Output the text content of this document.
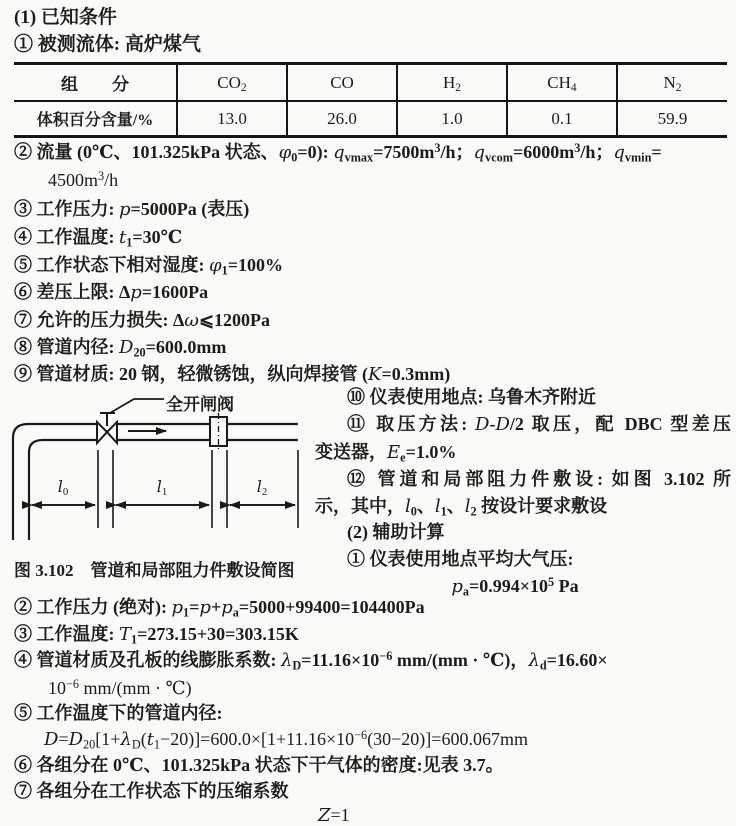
(1) 已知条件
① 被测流体: 高炉煤气
组　　分	$CO_2$	CO	$H_2$	$CH_4$	$N_2$
体积百分含量/%	13.0	26.0	1.0	0.1	59.9
② 流量 (0℃、101.325kPa 状态、$\varphi_0=0$): $q_{vmax}=7500m^3/h$；$q_{vcom}=6000m^3/h$；$q_{vmin}=$
$4500m^3/h$
③ 工作压力: p=5000Pa (表压)
④ 工作温度: $t_1=30℃$
⑤ 工作状态下相对湿度: $\varphi_1=100\%$
⑥ 差压上限: Δp=1600Pa
⑦ 允许的压力损失: Δω⩽1200Pa
⑧ 管道内径: $D_{20}=600.0mm$
⑨ 管道材质: 20 钢，轻微锈蚀，纵向焊接管 (K=0.3mm)
全开闸阀
$l_0$	$l_1$	$l_2$
图 3.102　管道和局部阻力件敷设简图
⑩ 仪表使用地点: 乌鲁木齐附近
⑪ 取压方法: D-D/2 取压，配 DBC 型差压
变送器，$E_e=1.0\%$
⑫ 管道和局部阻力件敷设: 如图 3.102 所
示，其中，$l_0$、$l_1$、$l_2$ 按设计要求敷设
(2) 辅助计算
① 仪表使用地点平均大气压:
$p_a=0.994\times 10^5$ Pa
② 工作压力 (绝对): $p_1=p+p_a=5000+99400=104400Pa$
③ 工作温度: $T_1=273.15+30=303.15K$
④ 管道材质及孔板的线膨胀系数: $\lambda_D=11.16\times 10^{-6}$ mm/(mm · ℃)，$\lambda_d=16.60\times$
$10^{-6}$ mm/(mm · ℃)
⑤ 工作温度下的管道内径:
$D=D_{20}[1+\lambda_D(t_1-20)]=600.0\times[1+11.16\times 10^{-6}(30-20)]=600.067mm$
⑥ 各组分在 0℃、101.325kPa 状态下干气体的密度:见表 3.7。
⑦ 各组分在工作状态下的压缩系数
Z=1
